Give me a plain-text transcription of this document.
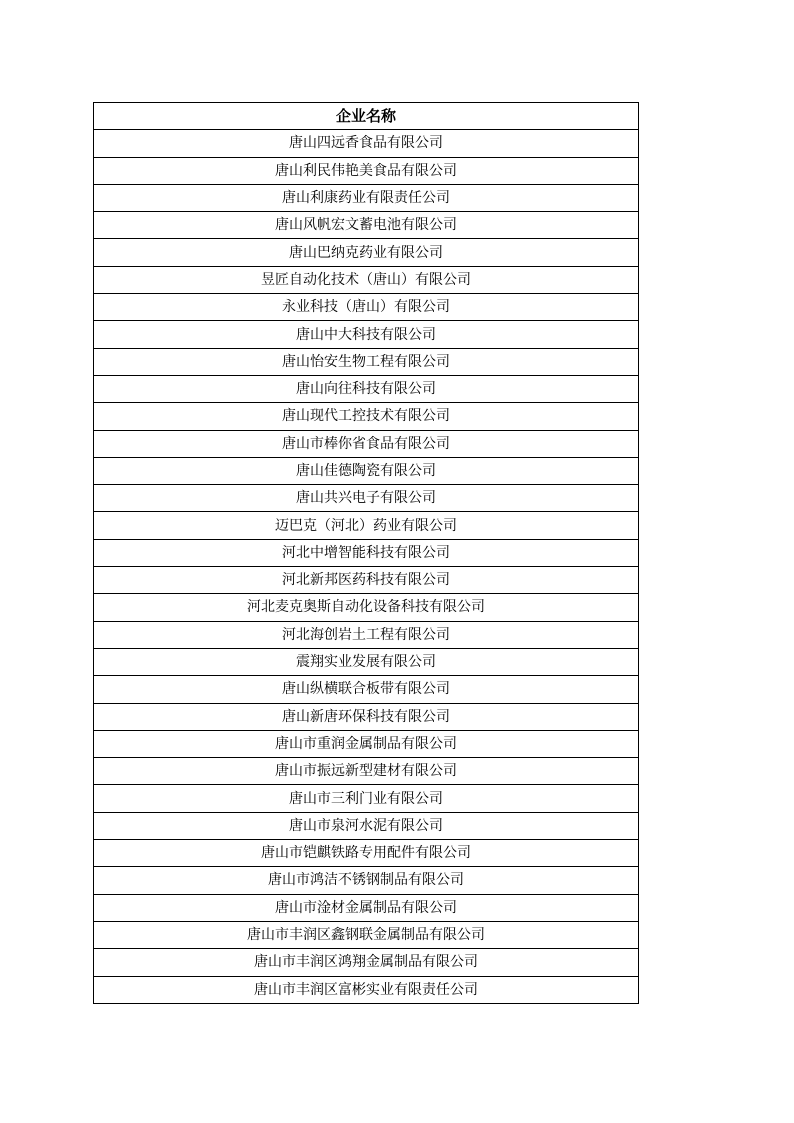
企业名称
唐山四远香食品有限公司
唐山利民伟艳美食品有限公司
唐山利康药业有限责任公司
唐山风帆宏文蓄电池有限公司
唐山巴纳克药业有限公司
昱匠自动化技术（唐山）有限公司
永业科技（唐山）有限公司
唐山中大科技有限公司
唐山怡安生物工程有限公司
唐山向往科技有限公司
唐山现代工控技术有限公司
唐山市棒你省食品有限公司
唐山佳德陶瓷有限公司
唐山共兴电子有限公司
迈巴克（河北）药业有限公司
河北中增智能科技有限公司
河北新邦医药科技有限公司
河北麦克奥斯自动化设备科技有限公司
河北海创岩土工程有限公司
震翔实业发展有限公司
唐山纵横联合板带有限公司
唐山新唐环保科技有限公司
唐山市重润金属制品有限公司
唐山市振远新型建材有限公司
唐山市三利门业有限公司
唐山市泉河水泥有限公司
唐山市铠麒铁路专用配件有限公司
唐山市鸿洁不锈钢制品有限公司
唐山市淦材金属制品有限公司
唐山市丰润区鑫钢联金属制品有限公司
唐山市丰润区鸿翔金属制品有限公司
唐山市丰润区富彬实业有限责任公司
